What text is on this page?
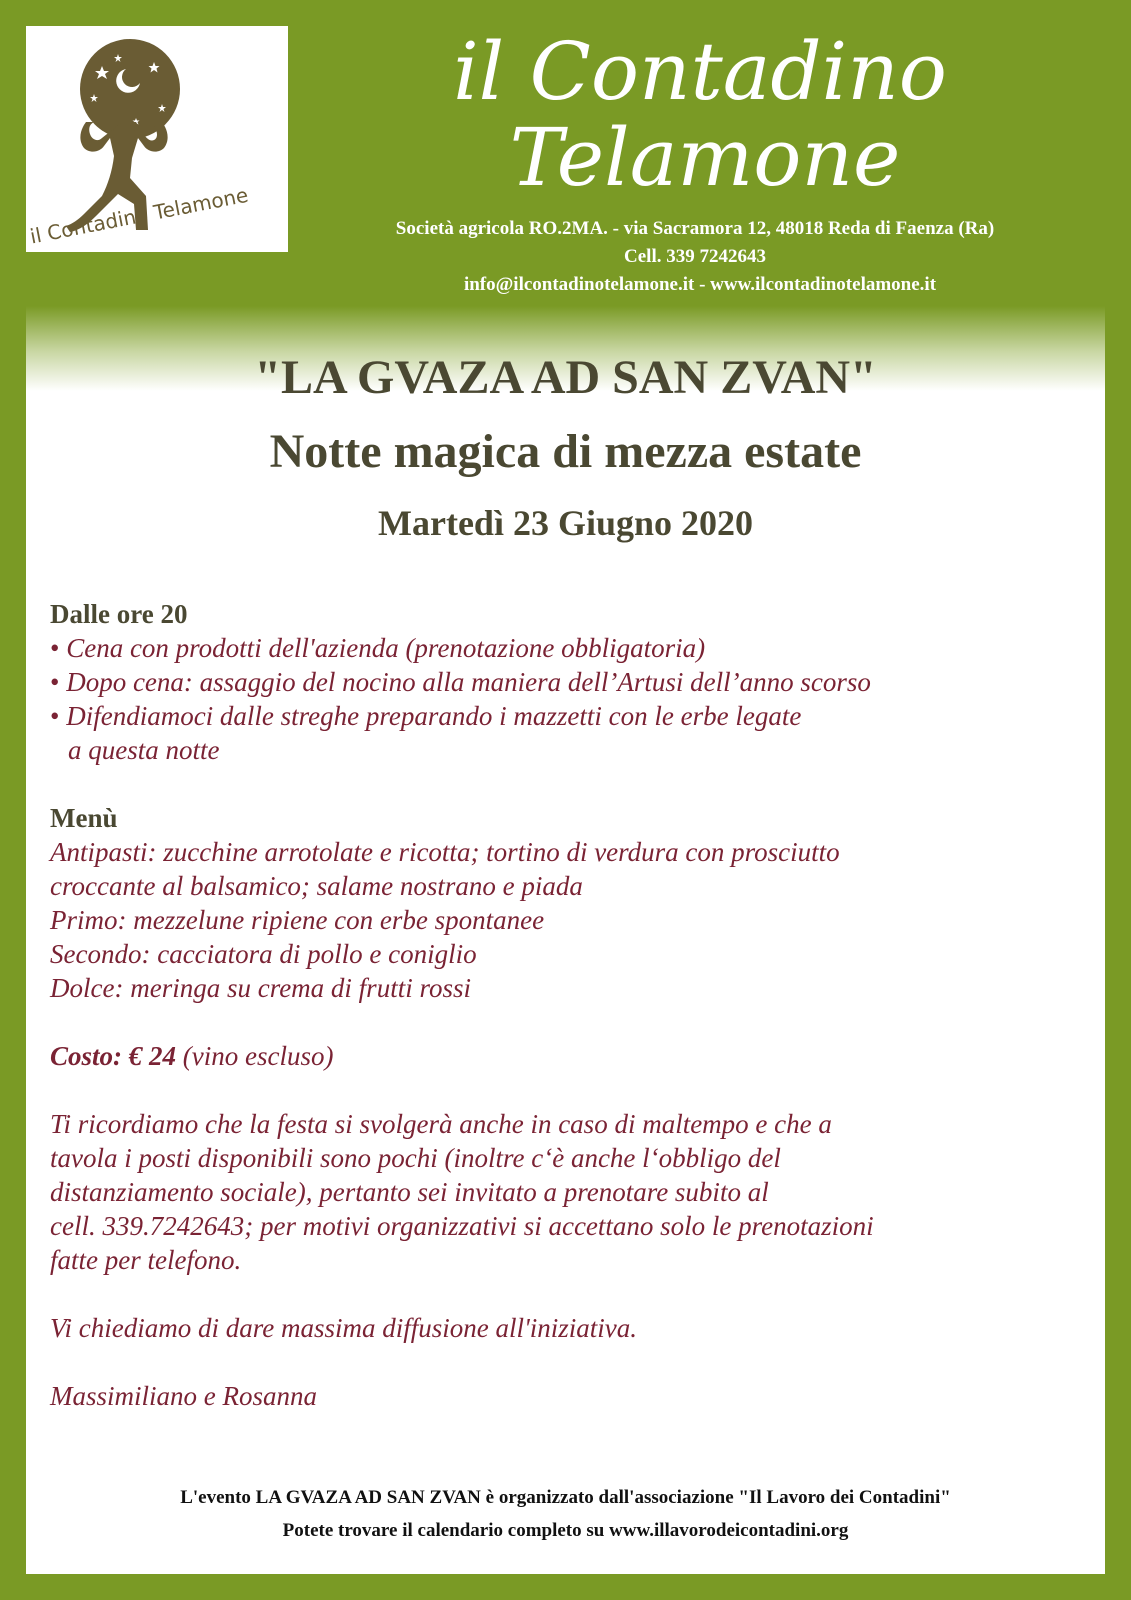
il Contadino Telamone
il Contadino
Telamone
Società agricola RO.2MA. - via Sacramora 12, 48018 Reda di Faenza (Ra)
Cell. 339 7242643
info@ilcontadinotelamone.it - www.ilcontadinotelamone.it
"LA GVAZA AD SAN ZVAN"
Notte magica di mezza estate
Martedì 23 Giugno 2020
Dalle ore 20
• Cena con prodotti dell'azienda (prenotazione obbligatoria)
• Dopo cena: assaggio del nocino alla maniera dell’Artusi dell’anno scorso
• Difendiamoci dalle streghe preparando i mazzetti con le erbe legate
a questa notte
Menù
Antipasti: zucchine arrotolate e ricotta; tortino di verdura con prosciutto
croccante al balsamico; salame nostrano e piada
Primo: mezzelune ripiene con erbe spontanee
Secondo: cacciatora di pollo e coniglio
Dolce: meringa su crema di frutti rossi
Costo: € 24 (vino escluso)
Ti ricordiamo che la festa si svolgerà anche in caso di maltempo e che a
tavola i posti disponibili sono pochi (inoltre c‘è anche l‘obbligo del
distanziamento sociale), pertanto sei invitato a prenotare subito al
cell. 339.7242643; per motivi organizzativi si accettano solo le prenotazioni
fatte per telefono.
Vi chiediamo di dare massima diffusione all'iniziativa.
Massimiliano e Rosanna
L'evento LA GVAZA AD SAN ZVAN è organizzato dall'associazione "Il Lavoro dei Contadini"
Potete trovare il calendario completo su www.illavorodeicontadini.org
